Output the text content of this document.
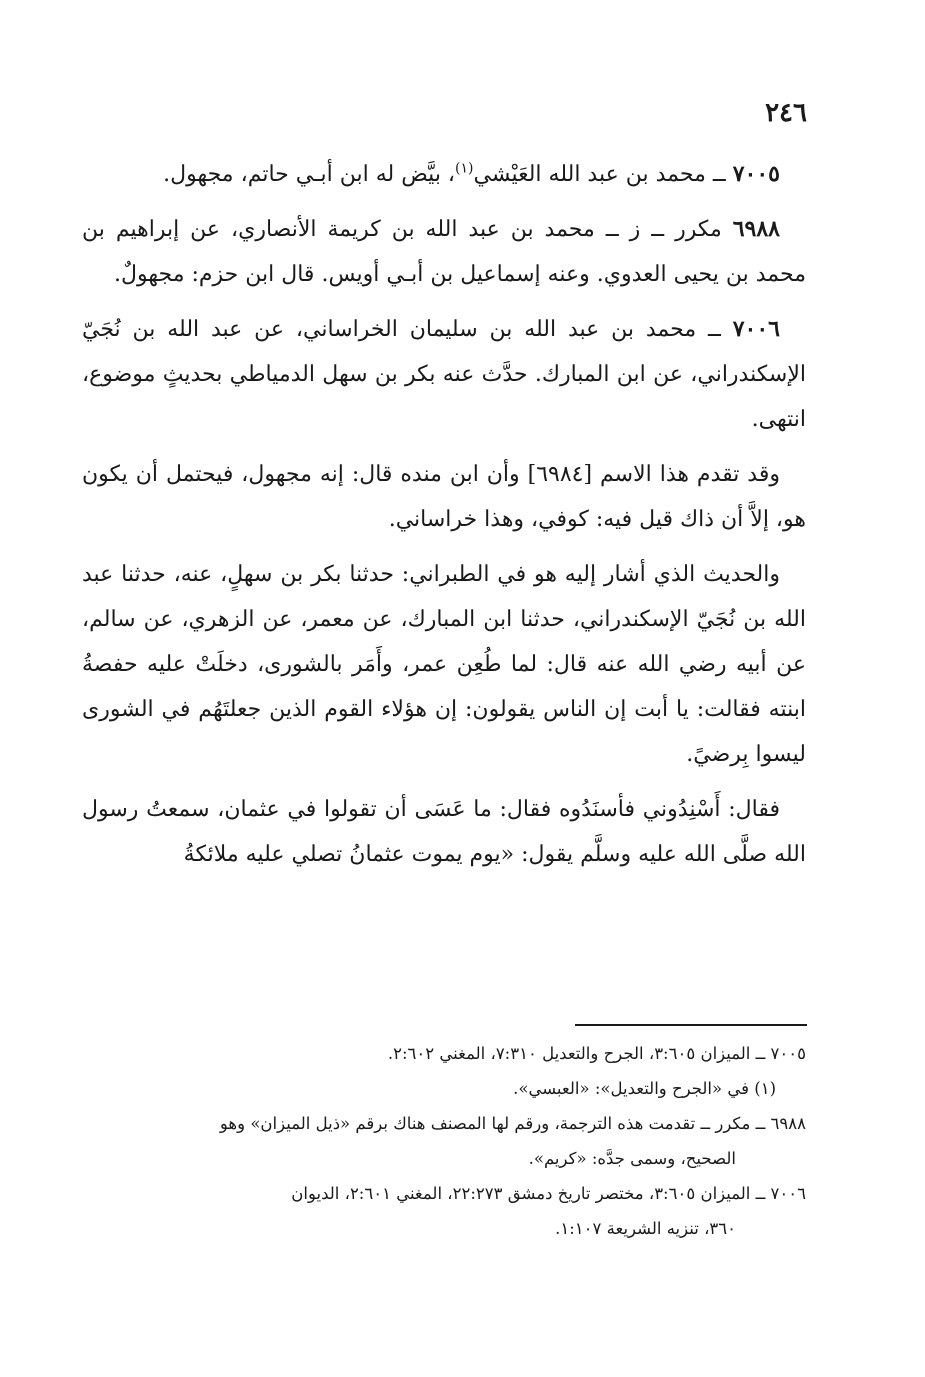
٢٤٦

٧٠٠٥ ــ محمد بن عبد الله العَيْشي$^{(١)}$، بيَّض له ابن أبـي حاتم، مجهول.

٦٩٨٨ مكرر ــ ز ــ محمد بن عبد الله بن كريمة الأنصاري، عن إبراهيم بن محمد بن يحيى العدوي. وعنه إسماعيل بن أبـي أويس. قال ابن حزم: مجهولٌ.

٧٠٠٦ ــ محمد بن عبد الله بن سليمان الخراساني، عن عبد الله بن نُجَيّ الإسكندراني، عن ابن المبارك. حدَّث عنه بكر بن سهل الدمياطي بحديثٍ موضوع، انتهى.

وقد تقدم هذا الاسم [٦٩٨٤] وأن ابن منده قال: إنه مجهول، فيحتمل أن يكون هو، إلاَّ أن ذاك قيل فيه: كوفي، وهذا خراساني.

والحديث الذي أشار إليه هو في الطبراني: حدثنا بكر بن سهلٍ، عنه، حدثنا عبد الله بن نُجَيّ الإسكندراني، حدثنا ابن المبارك، عن معمر، عن الزهري، عن سالم، عن أبيه رضي الله عنه قال: لما طُعِن عمر، وأَمَر بالشورى، دخلَتْ عليه حفصةُ ابنته فقالت: يا أبت إن الناس يقولون: إن هؤلاء القوم الذين جعلتَهُم في الشورى ليسوا بِرضيً.

فقال: أَسْنِدُوني فأسنَدُوه فقال: ما عَسَى أن تقولوا في عثمان، سمعتُ رسول الله صلَّى الله عليه وسلَّم يقول: «يوم يموت عثمانُ تصلي عليه ملائكةُ

٧٠٠٥ ــ الميزان ٣:٦٠٥، الجرح والتعديل ٧:٣١٠، المغني ٢:٦٠٢.
(١) في «الجرح والتعديل»: «العبسي».
٦٩٨٨ ــ مكرر ــ تقدمت هذه الترجمة، ورقم لها المصنف هناك برقم «ذيل الميزان» وهو
الصحيح، وسمى جدَّه: «كريم».
٧٠٠٦ ــ الميزان ٣:٦٠٥، مختصر تاريخ دمشق ٢٢:٢٧٣، المغني ٢:٦٠١، الديوان
٣٦٠، تنزيه الشريعة ١:١٠٧.
